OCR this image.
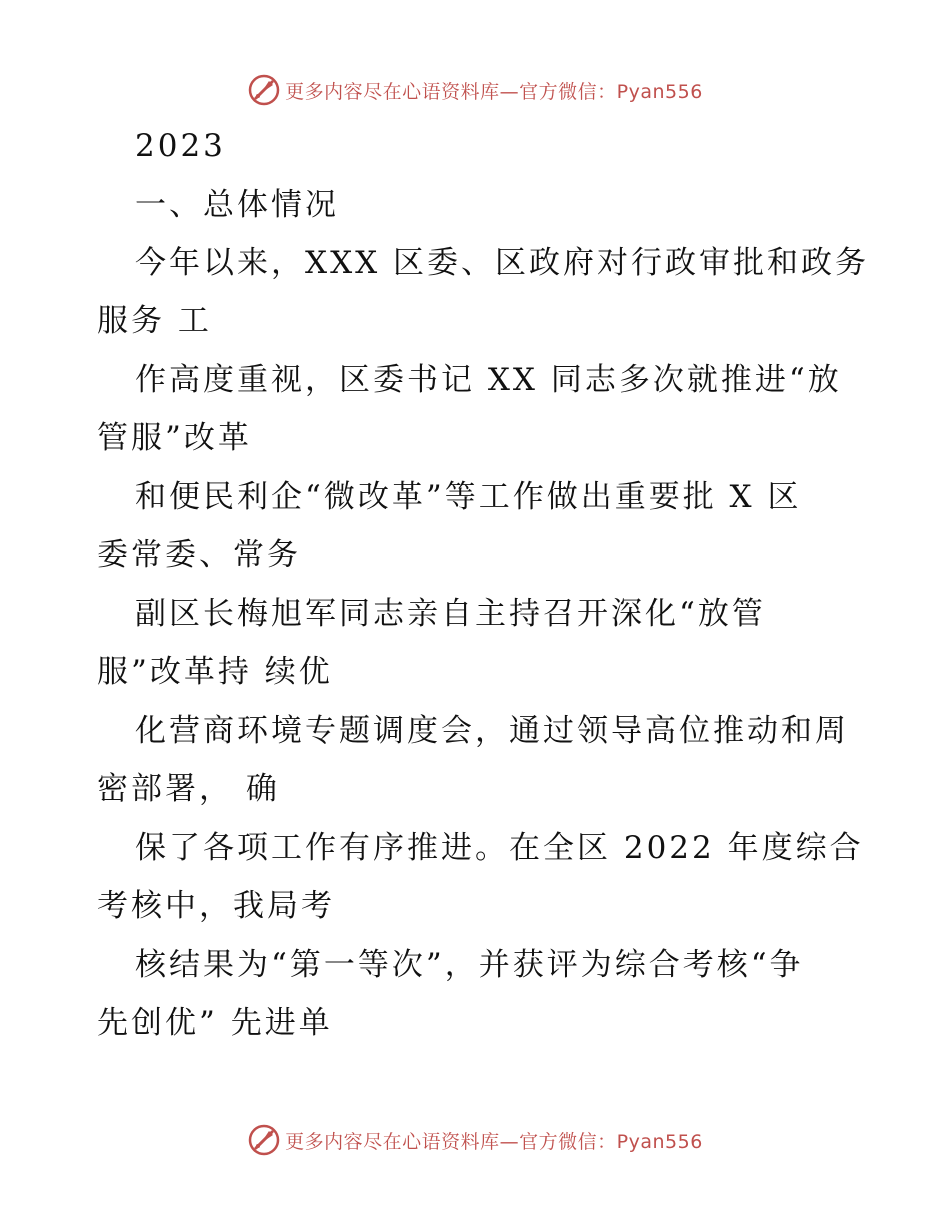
更多内容尽在心语资料库—官方微信：Pyan556
2023
一、总体情况
今年以来，XXX 区委、区政府对行政审批和政务
服务 工
作高度重视，区委书记 XX 同志多次就推进“放
管服”改革
和便民利企“微改革”等工作做出重要批 X 区
委常委、常务
副区长梅旭军同志亲自主持召开深化“放管
服”改革持 续优
化营商环境专题调度会，通过领导高位推动和周
密部署， 确
保了各项工作有序推进。在全区 2022 年度综合
考核中，我局考
核结果为“第一等次”，并获评为综合考核“争
先创优” 先进单
更多内容尽在心语资料库—官方微信：Pyan556
